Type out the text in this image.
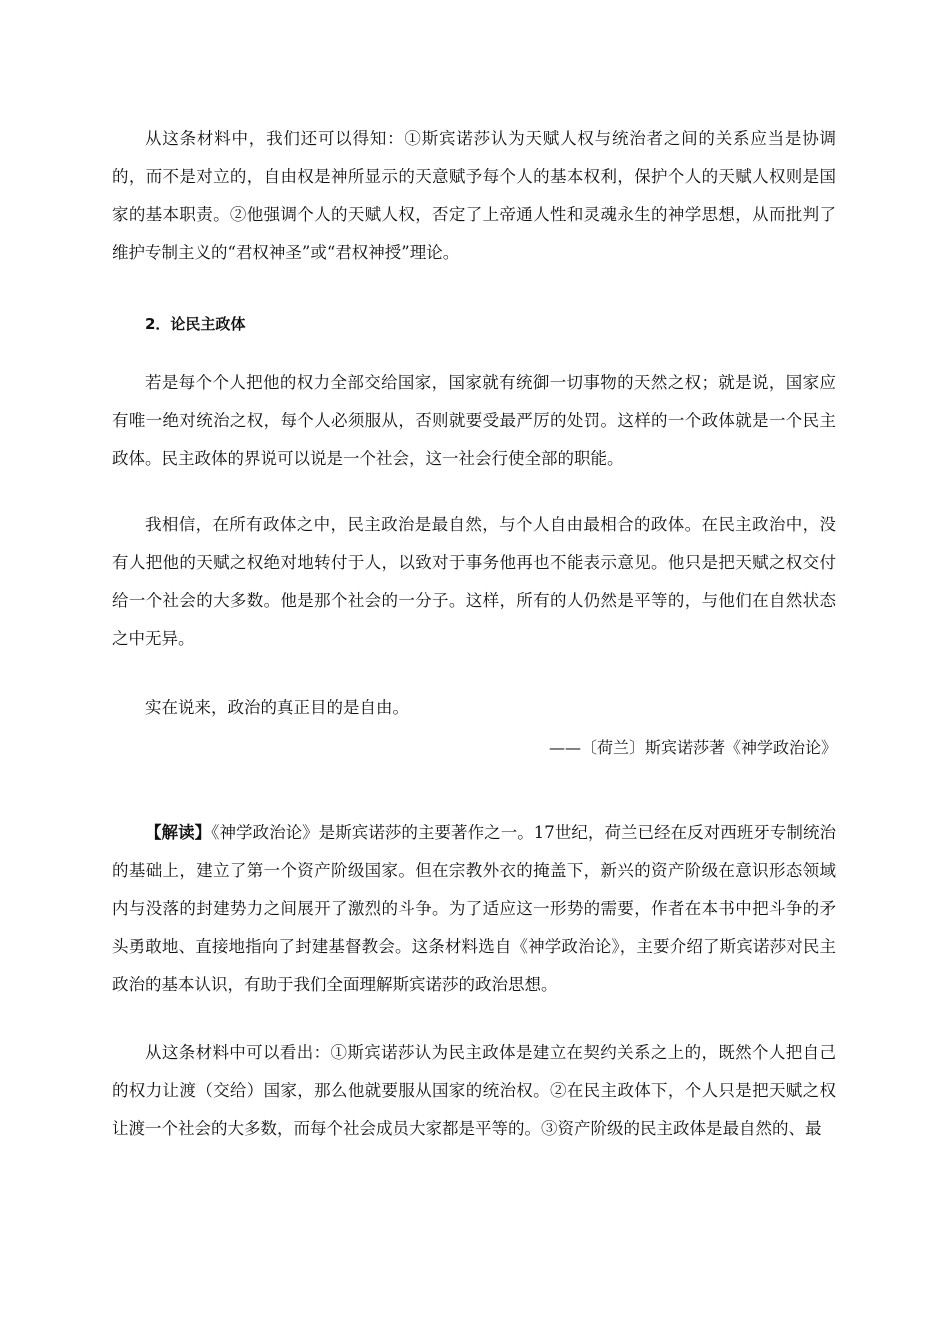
从这条材料中，我们还可以得知：①斯宾诺莎认为天赋人权与统治者之间的关系应当是协调的，而不是对立的，自由权是神所显示的天意赋予每个人的基本权利，保护个人的天赋人权则是国家的基本职责。②他强调个人的天赋人权，否定了上帝通人性和灵魂永生的神学思想，从而批判了维护专制主义的“君权神圣”或“君权神授”理论。

2．论民主政体

若是每个个人把他的权力全部交给国家，国家就有统御一切事物的天然之权；就是说，国家应有唯一绝对统治之权，每个人必须服从，否则就要受最严厉的处罚。这样的一个政体就是一个民主政体。民主政体的界说可以说是一个社会，这一社会行使全部的职能。

我相信，在所有政体之中，民主政治是最自然，与个人自由最相合的政体。在民主政治中，没有人把他的天赋之权绝对地转付于人，以致对于事务他再也不能表示意见。他只是把天赋之权交付给一个社会的大多数。他是那个社会的一分子。这样，所有的人仍然是平等的，与他们在自然状态之中无异。

实在说来，政治的真正目的是自由。

——〔荷兰〕斯宾诺莎著《神学政治论》

【解读】《神学政治论》是斯宾诺莎的主要著作之一。17世纪，荷兰已经在反对西班牙专制统治的基础上，建立了第一个资产阶级国家。但在宗教外衣的掩盖下，新兴的资产阶级在意识形态领域内与没落的封建势力之间展开了激烈的斗争。为了适应这一形势的需要，作者在本书中把斗争的矛头勇敢地、直接地指向了封建基督教会。这条材料选自《神学政治论》，主要介绍了斯宾诺莎对民主政治的基本认识，有助于我们全面理解斯宾诺莎的政治思想。

从这条材料中可以看出：①斯宾诺莎认为民主政体是建立在契约关系之上的，既然个人把自己的权力让渡（交给）国家，那么他就要服从国家的统治权。②在民主政体下，个人只是把天赋之权让渡一个社会的大多数，而每个社会成员大家都是平等的。③资产阶级的民主政体是最自然的、最
